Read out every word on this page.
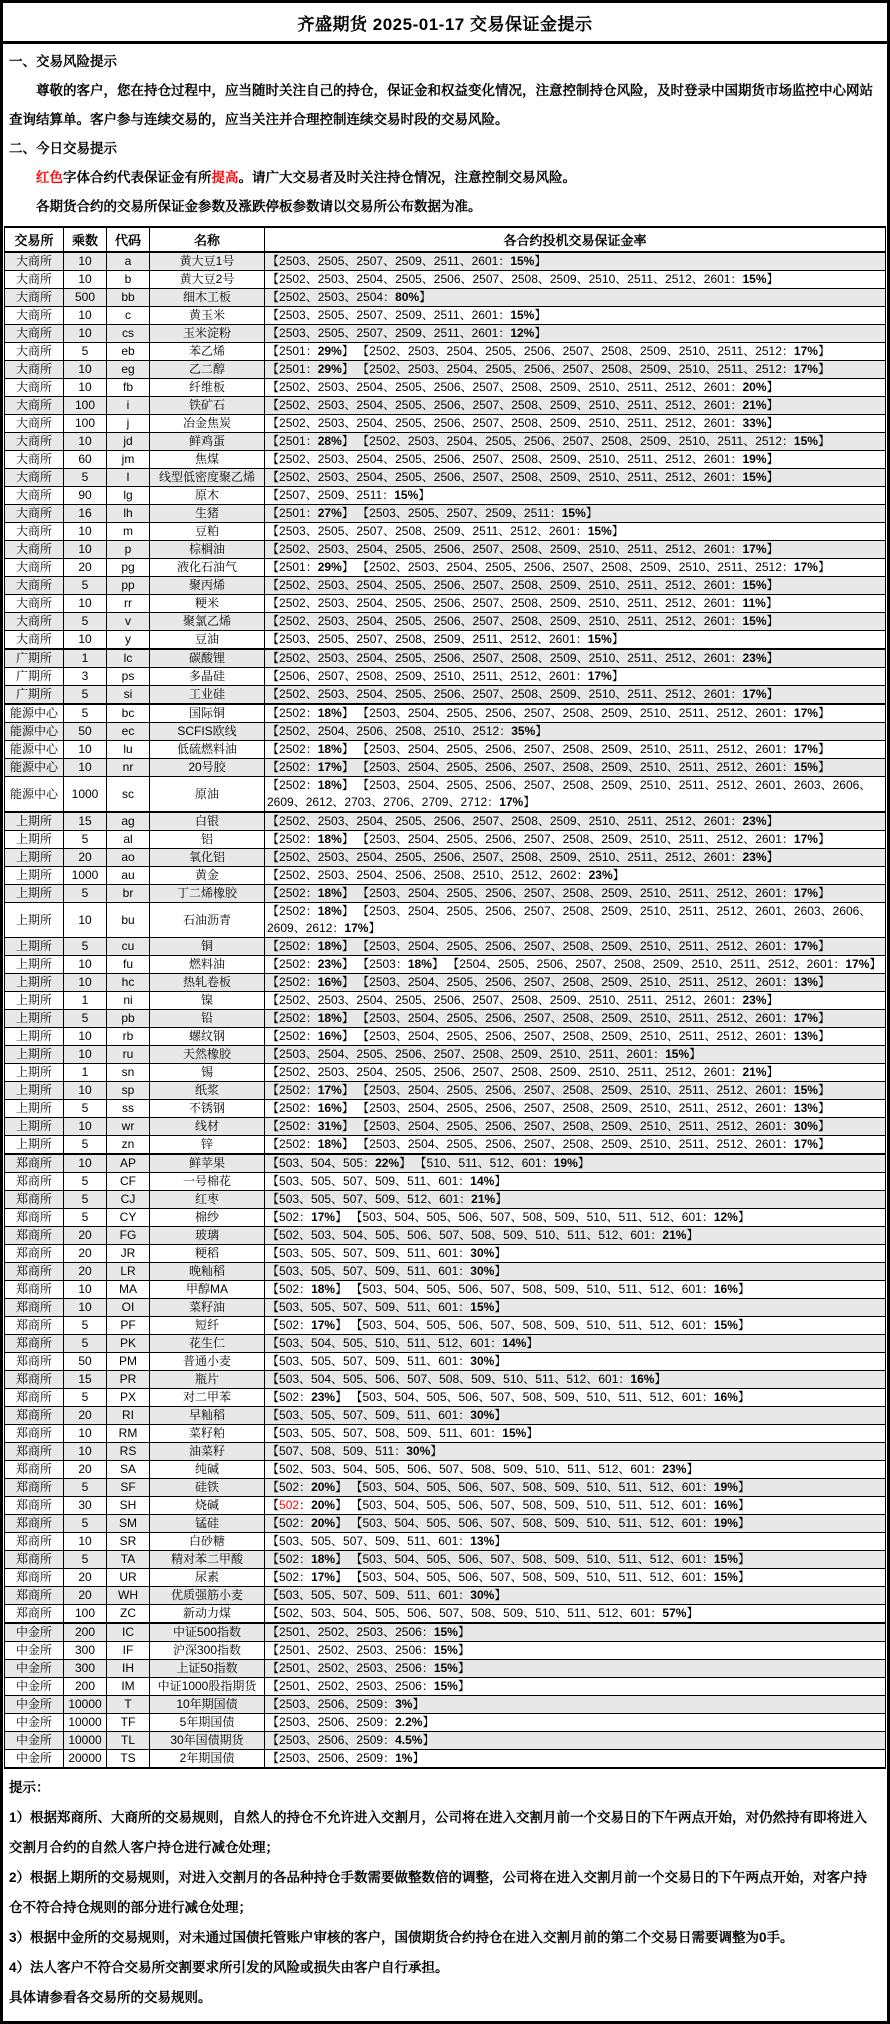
齐盛期货 2025-01-17 交易保证金提示

一、交易风险提示

尊敬的客户，您在持仓过程中，应当随时关注自己的持仓，保证金和权益变化情况，注意控制持仓风险，及时登录中国期货市场监控中心网站查询结算单。客户参与连续交易的，应当关注并合理控制连续交易时段的交易风险。

二、今日交易提示

红色字体合约代表保证金有所提高。请广大交易者及时关注持仓情况，注意控制交易风险。

各期货合约的交易所保证金参数及涨跌停板参数请以交易所公布数据为准。

交易所	乘数	代码	名称	各合约投机交易保证金率
大商所	10	a	黄大豆1号	【2503、2505、2507、2509、2511、2601：15%】
大商所	10	b	黄大豆2号	【2502、2503、2504、2505、2506、2507、2508、2509、2510、2511、2512、2601：15%】
大商所	500	bb	细木工板	【2502、2503、2504：80%】
大商所	10	c	黄玉米	【2503、2505、2507、2509、2511、2601：15%】
大商所	10	cs	玉米淀粉	【2503、2505、2507、2509、2511、2601：12%】
大商所	5	eb	苯乙烯	【2501：29%】 【2502、2503、2504、2505、2506、2507、2508、2509、2510、2511、2512：17%】
大商所	10	eg	乙二醇	【2501：29%】 【2502、2503、2504、2505、2506、2507、2508、2509、2510、2511、2512：17%】
大商所	10	fb	纤维板	【2502、2503、2504、2505、2506、2507、2508、2509、2510、2511、2512、2601：20%】
大商所	100	i	铁矿石	【2502、2503、2504、2505、2506、2507、2508、2509、2510、2511、2512、2601：21%】
大商所	100	j	冶金焦炭	【2502、2503、2504、2505、2506、2507、2508、2509、2510、2511、2512、2601：33%】
大商所	10	jd	鲜鸡蛋	【2501：28%】 【2502、2503、2504、2505、2506、2507、2508、2509、2510、2511、2512：15%】
大商所	60	jm	焦煤	【2502、2503、2504、2505、2506、2507、2508、2509、2510、2511、2512、2601：19%】
大商所	5	l	线型低密度聚乙烯	【2502、2503、2504、2505、2506、2507、2508、2509、2510、2511、2512、2601：15%】
大商所	90	lg	原木	【2507、2509、2511：15%】
大商所	16	lh	生猪	【2501：27%】 【2503、2505、2507、2509、2511：15%】
大商所	10	m	豆粕	【2503、2505、2507、2508、2509、2511、2512、2601：15%】
大商所	10	p	棕榈油	【2502、2503、2504、2505、2506、2507、2508、2509、2510、2511、2512、2601：17%】
大商所	20	pg	液化石油气	【2501：29%】 【2502、2503、2504、2505、2506、2507、2508、2509、2510、2511、2512：17%】
大商所	5	pp	聚丙烯	【2502、2503、2504、2505、2506、2507、2508、2509、2510、2511、2512、2601：15%】
大商所	10	rr	粳米	【2502、2503、2504、2505、2506、2507、2508、2509、2510、2511、2512、2601：11%】
大商所	5	v	聚氯乙烯	【2502、2503、2504、2505、2506、2507、2508、2509、2510、2511、2512、2601：15%】
大商所	10	y	豆油	【2503、2505、2507、2508、2509、2511、2512、2601：15%】
广期所	1	lc	碳酸锂	【2502、2503、2504、2505、2506、2507、2508、2509、2510、2511、2512、2601：23%】
广期所	3	ps	多晶硅	【2506、2507、2508、2509、2510、2511、2512、2601：17%】
广期所	5	si	工业硅	【2502、2503、2504、2505、2506、2507、2508、2509、2510、2511、2512、2601：17%】
能源中心	5	bc	国际铜	【2502：18%】 【2503、2504、2505、2506、2507、2508、2509、2510、2511、2512、2601：17%】
能源中心	50	ec	SCFIS欧线	【2502、2504、2506、2508、2510、2512：35%】
能源中心	10	lu	低硫燃料油	【2502：18%】 【2503、2504、2505、2506、2507、2508、2509、2510、2511、2512、2601：17%】
能源中心	10	nr	20号胶	【2502：17%】 【2503、2504、2505、2506、2507、2508、2509、2510、2511、2512、2601：15%】
能源中心	1000	sc	原油	【2502：18%】 【2503、2504、2505、2506、2507、2508、2509、2510、2511、2512、2601、2603、2606、2609、2612、2703、2706、2709、2712：17%】
上期所	15	ag	白银	【2502、2503、2504、2505、2506、2507、2508、2509、2510、2511、2512、2601：23%】
上期所	5	al	铝	【2502：18%】 【2503、2504、2505、2506、2507、2508、2509、2510、2511、2512、2601：17%】
上期所	20	ao	氧化铝	【2502、2503、2504、2505、2506、2507、2508、2509、2510、2511、2512、2601：23%】
上期所	1000	au	黄金	【2502、2503、2504、2506、2508、2510、2512、2602：23%】
上期所	5	br	丁二烯橡胶	【2502：18%】 【2503、2504、2505、2506、2507、2508、2509、2510、2511、2512、2601：17%】
上期所	10	bu	石油沥青	【2502：18%】 【2503、2504、2505、2506、2507、2508、2509、2510、2511、2512、2601、2603、2606、2609、2612：17%】
上期所	5	cu	铜	【2502：18%】 【2503、2504、2505、2506、2507、2508、2509、2510、2511、2512、2601：17%】
上期所	10	fu	燃料油	【2502：23%】 【2503：18%】 【2504、2505、2506、2507、2508、2509、2510、2511、2512、2601：17%】
上期所	10	hc	热轧卷板	【2502：16%】 【2503、2504、2505、2506、2507、2508、2509、2510、2511、2512、2601：13%】
上期所	1	ni	镍	【2502、2503、2504、2505、2506、2507、2508、2509、2510、2511、2512、2601：23%】
上期所	5	pb	铅	【2502：18%】 【2503、2504、2505、2506、2507、2508、2509、2510、2511、2512、2601：17%】
上期所	10	rb	螺纹钢	【2502：16%】 【2503、2504、2505、2506、2507、2508、2509、2510、2511、2512、2601：13%】
上期所	10	ru	天然橡胶	【2503、2504、2505、2506、2507、2508、2509、2510、2511、2601：15%】
上期所	1	sn	锡	【2502、2503、2504、2505、2506、2507、2508、2509、2510、2511、2512、2601：21%】
上期所	10	sp	纸浆	【2502：17%】 【2503、2504、2505、2506、2507、2508、2509、2510、2511、2512、2601：15%】
上期所	5	ss	不锈钢	【2502：16%】 【2503、2504、2505、2506、2507、2508、2509、2510、2511、2512、2601：13%】
上期所	10	wr	线材	【2502：31%】 【2503、2504、2505、2506、2507、2508、2509、2510、2511、2512、2601：30%】
上期所	5	zn	锌	【2502：18%】 【2503、2504、2505、2506、2507、2508、2509、2510、2511、2512、2601：17%】
郑商所	10	AP	鲜苹果	【503、504、505：22%】 【510、511、512、601：19%】
郑商所	5	CF	一号棉花	【503、505、507、509、511、601：14%】
郑商所	5	CJ	红枣	【503、505、507、509、512、601：21%】
郑商所	5	CY	棉纱	【502：17%】 【503、504、505、506、507、508、509、510、511、512、601：12%】
郑商所	20	FG	玻璃	【502、503、504、505、506、507、508、509、510、511、512、601：21%】
郑商所	20	JR	粳稻	【503、505、507、509、511、601：30%】
郑商所	20	LR	晚籼稻	【503、505、507、509、511、601：30%】
郑商所	10	MA	甲醇MA	【502：18%】 【503、504、505、506、507、508、509、510、511、512、601：16%】
郑商所	10	OI	菜籽油	【503、505、507、509、511、601：15%】
郑商所	5	PF	短纤	【502：17%】 【503、504、505、506、507、508、509、510、511、512、601：15%】
郑商所	5	PK	花生仁	【503、504、505、510、511、512、601：14%】
郑商所	50	PM	普通小麦	【503、505、507、509、511、601：30%】
郑商所	15	PR	瓶片	【503、504、505、506、507、508、509、510、511、512、601：16%】
郑商所	5	PX	对二甲苯	【502：23%】 【503、504、505、506、507、508、509、510、511、512、601：16%】
郑商所	20	RI	早籼稻	【503、505、507、509、511、601：30%】
郑商所	10	RM	菜籽粕	【503、505、507、508、509、511、601：15%】
郑商所	10	RS	油菜籽	【507、508、509、511：30%】
郑商所	20	SA	纯碱	【502、503、504、505、506、507、508、509、510、511、512、601：23%】
郑商所	5	SF	硅铁	【502：20%】 【503、504、505、506、507、508、509、510、511、512、601：19%】
郑商所	30	SH	烧碱	【502：20%】 【503、504、505、506、507、508、509、510、511、512、601：16%】
郑商所	5	SM	锰硅	【502：20%】 【503、504、505、506、507、508、509、510、511、512、601：19%】
郑商所	10	SR	白砂糖	【503、505、507、509、511、601：13%】
郑商所	5	TA	精对苯二甲酸	【502：18%】 【503、504、505、506、507、508、509、510、511、512、601：15%】
郑商所	20	UR	尿素	【502：17%】 【503、504、505、506、507、508、509、510、511、512、601：15%】
郑商所	20	WH	优质强筋小麦	【503、505、507、509、511、601：30%】
郑商所	100	ZC	新动力煤	【502、503、504、505、506、507、508、509、510、511、512、601：57%】
中金所	200	IC	中证500指数	【2501、2502、2503、2506：15%】
中金所	300	IF	沪深300指数	【2501、2502、2503、2506：15%】
中金所	300	IH	上证50指数	【2501、2502、2503、2506：15%】
中金所	200	IM	中证1000股指期货	【2501、2502、2503、2506：15%】
中金所	10000	T	10年期国债	【2503、2506、2509：3%】
中金所	10000	TF	5年期国债	【2503、2506、2509：2.2%】
中金所	10000	TL	30年国债期货	【2503、2506、2509：4.5%】
中金所	20000	TS	2年期国债	【2503、2506、2509：1%】

提示：

1）根据郑商所、大商所的交易规则，自然人的持仓不允许进入交割月，公司将在进入交割月前一个交易日的下午两点开始，对仍然持有即将进入交割月合约的自然人客户持仓进行减仓处理；

2）根据上期所的交易规则，对进入交割月的各品种持仓手数需要做整数倍的调整，公司将在进入交割月前一个交易日的下午两点开始，对客户持仓不符合持仓规则的部分进行减仓处理；

3）根据中金所的交易规则，对未通过国债托管账户审核的客户，国债期货合约持仓在进入交割月前的第二个交易日需要调整为0手。

4）法人客户不符合交易所交割要求所引发的风险或损失由客户自行承担。

具体请参看各交易所的交易规则。
